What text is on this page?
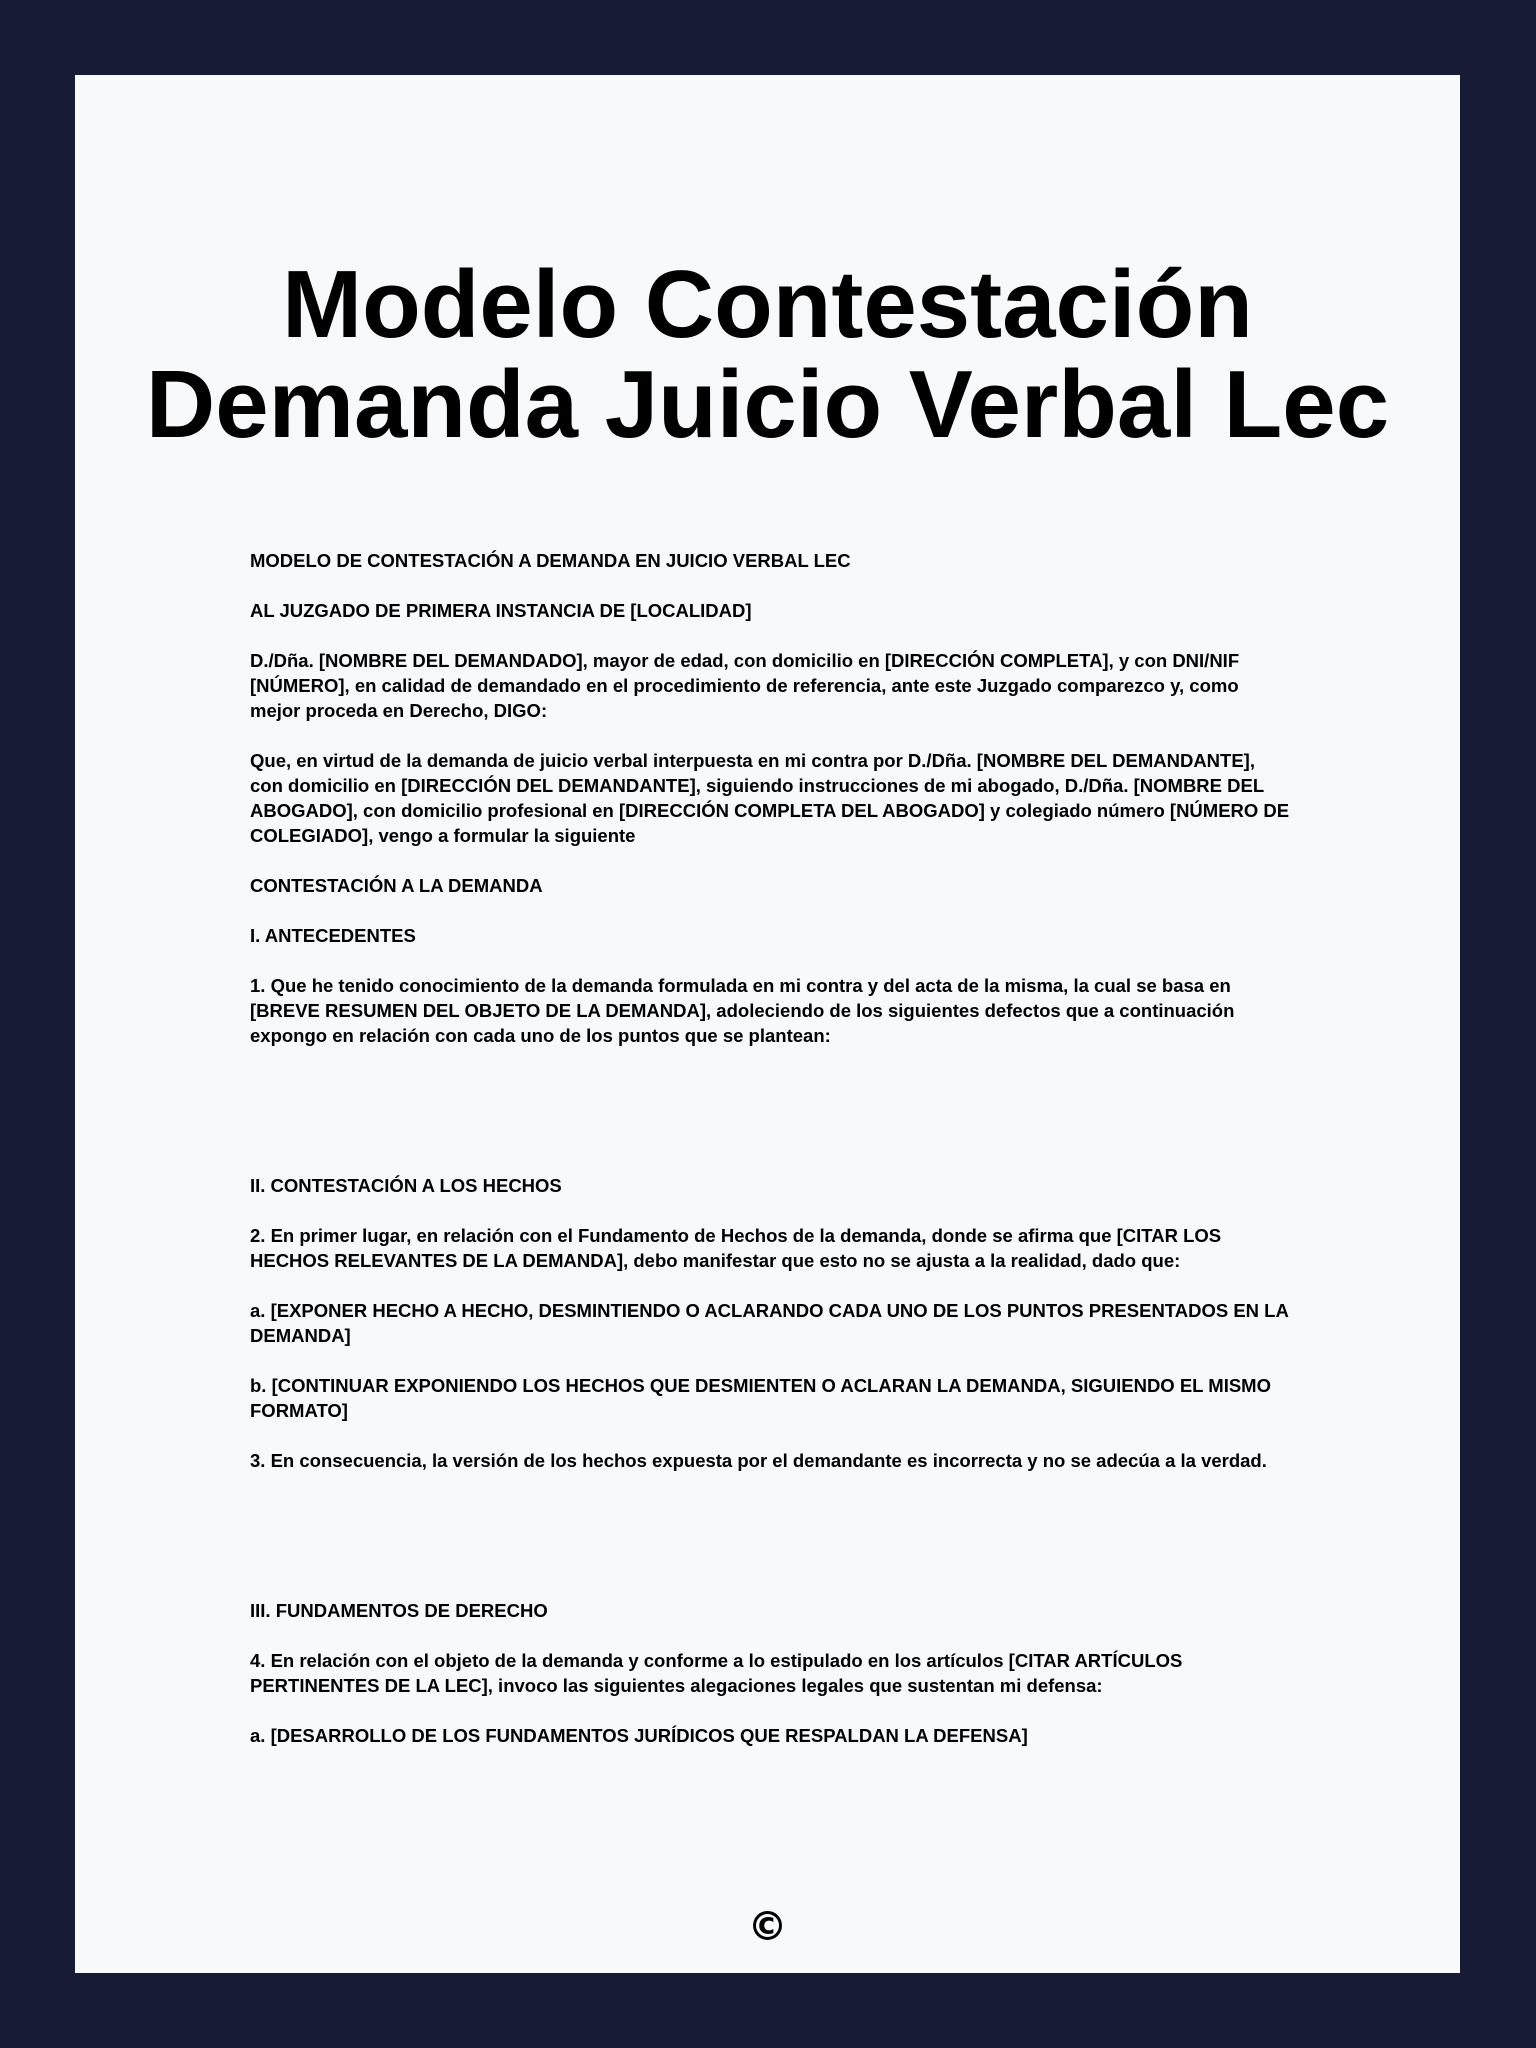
Modelo Contestación
Demanda Juicio Verbal Lec

MODELO DE CONTESTACIÓN A DEMANDA EN JUICIO VERBAL LEC

AL JUZGADO DE PRIMERA INSTANCIA DE [LOCALIDAD]

D./Dña. [NOMBRE DEL DEMANDADO], mayor de edad, con domicilio en [DIRECCIÓN COMPLETA], y con DNI/NIF [NÚMERO], en calidad de demandado en el procedimiento de referencia, ante este Juzgado comparezco y, como mejor proceda en Derecho, DIGO:

Que, en virtud de la demanda de juicio verbal interpuesta en mi contra por D./Dña. [NOMBRE DEL DEMANDANTE], con domicilio en [DIRECCIÓN DEL DEMANDANTE], siguiendo instrucciones de mi abogado, D./Dña. [NOMBRE DEL ABOGADO], con domicilio profesional en [DIRECCIÓN COMPLETA DEL ABOGADO] y colegiado número [NÚMERO DE COLEGIADO], vengo a formular la siguiente

CONTESTACIÓN A LA DEMANDA

I. ANTECEDENTES

1. Que he tenido conocimiento de la demanda formulada en mi contra y del acta de la misma, la cual se basa en [BREVE RESUMEN DEL OBJETO DE LA DEMANDA], adoleciendo de los siguientes defectos que a continuación expongo en relación con cada uno de los puntos que se plantean:

II. CONTESTACIÓN A LOS HECHOS

2. En primer lugar, en relación con el Fundamento de Hechos de la demanda, donde se afirma que [CITAR LOS HECHOS RELEVANTES DE LA DEMANDA], debo manifestar que esto no se ajusta a la realidad, dado que:

a. [EXPONER HECHO A HECHO, DESMINTIENDO O ACLARANDO CADA UNO DE LOS PUNTOS PRESENTADOS EN LA DEMANDA]

b. [CONTINUAR EXPONIENDO LOS HECHOS QUE DESMIENTEN O ACLARAN LA DEMANDA, SIGUIENDO EL MISMO FORMATO]

3. En consecuencia, la versión de los hechos expuesta por el demandante es incorrecta y no se adecúa a la verdad.

III. FUNDAMENTOS DE DERECHO

4. En relación con el objeto de la demanda y conforme a lo estipulado en los artículos [CITAR ARTÍCULOS PERTINENTES DE LA LEC], invoco las siguientes alegaciones legales que sustentan mi defensa:

a. [DESARROLLO DE LOS FUNDAMENTOS JURÍDICOS QUE RESPALDAN LA DEFENSA]

©
